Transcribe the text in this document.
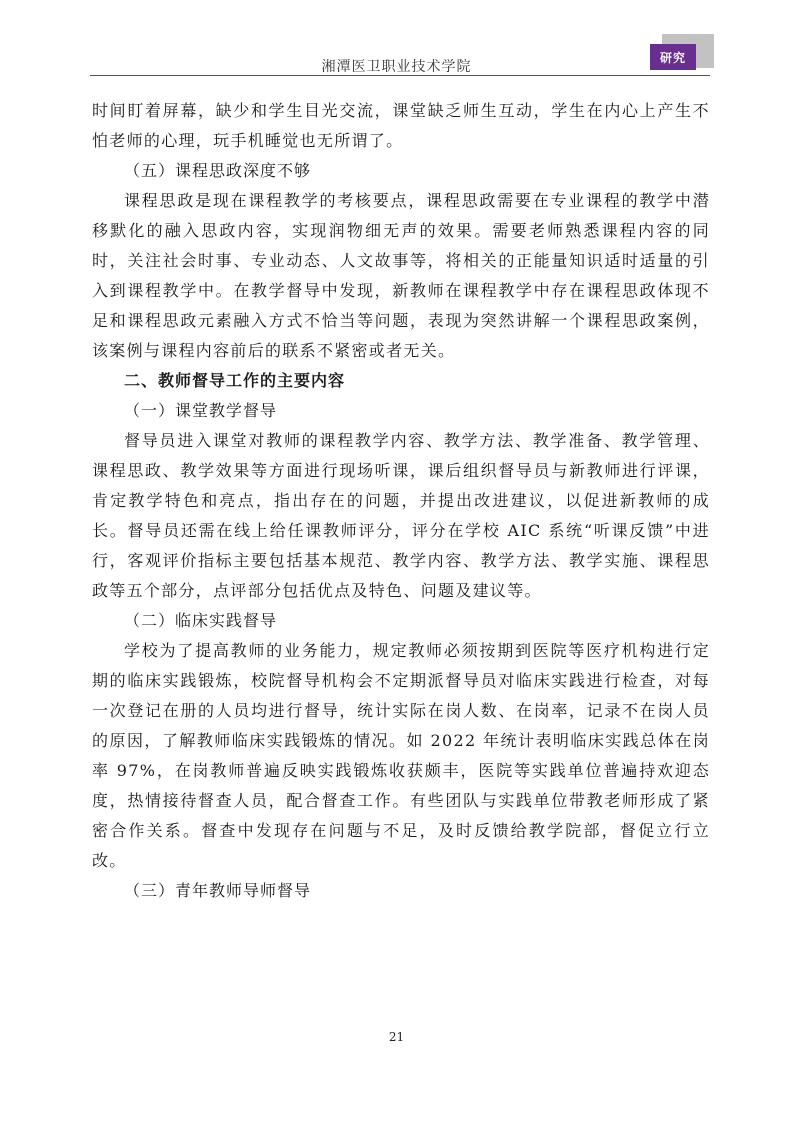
湘潭医卫职业技术学院
研究

时间盯着屏幕，缺少和学生目光交流，课堂缺乏师生互动，学生在内心上产生不怕老师的心理，玩手机睡觉也无所谓了。

（五）课程思政深度不够

课程思政是现在课程教学的考核要点，课程思政需要在专业课程的教学中潜移默化的融入思政内容，实现润物细无声的效果。需要老师熟悉课程内容的同时，关注社会时事、专业动态、人文故事等，将相关的正能量知识适时适量的引入到课程教学中。在教学督导中发现，新教师在课程教学中存在课程思政体现不足和课程思政元素融入方式不恰当等问题，表现为突然讲解一个课程思政案例，该案例与课程内容前后的联系不紧密或者无关。

二、教师督导工作的主要内容

（一）课堂教学督导

督导员进入课堂对教师的课程教学内容、教学方法、教学准备、教学管理、课程思政、教学效果等方面进行现场听课，课后组织督导员与新教师进行评课，肯定教学特色和亮点，指出存在的问题，并提出改进建议，以促进新教师的成长。督导员还需在线上给任课教师评分，评分在学校 AIC 系统“听课反馈”中进行，客观评价指标主要包括基本规范、教学内容、教学方法、教学实施、课程思政等五个部分，点评部分包括优点及特色、问题及建议等。

（二）临床实践督导

学校为了提高教师的业务能力，规定教师必须按期到医院等医疗机构进行定期的临床实践锻炼，校院督导机构会不定期派督导员对临床实践进行检查，对每一次登记在册的人员均进行督导，统计实际在岗人数、在岗率，记录不在岗人员的原因，了解教师临床实践锻炼的情况。如 2022 年统计表明临床实践总体在岗率 97%，在岗教师普遍反映实践锻炼收获颇丰，医院等实践单位普遍持欢迎态度，热情接待督查人员，配合督查工作。有些团队与实践单位带教老师形成了紧密合作关系。督查中发现存在问题与不足，及时反馈给教学院部，督促立行立改。

（三）青年教师导师督导

21
